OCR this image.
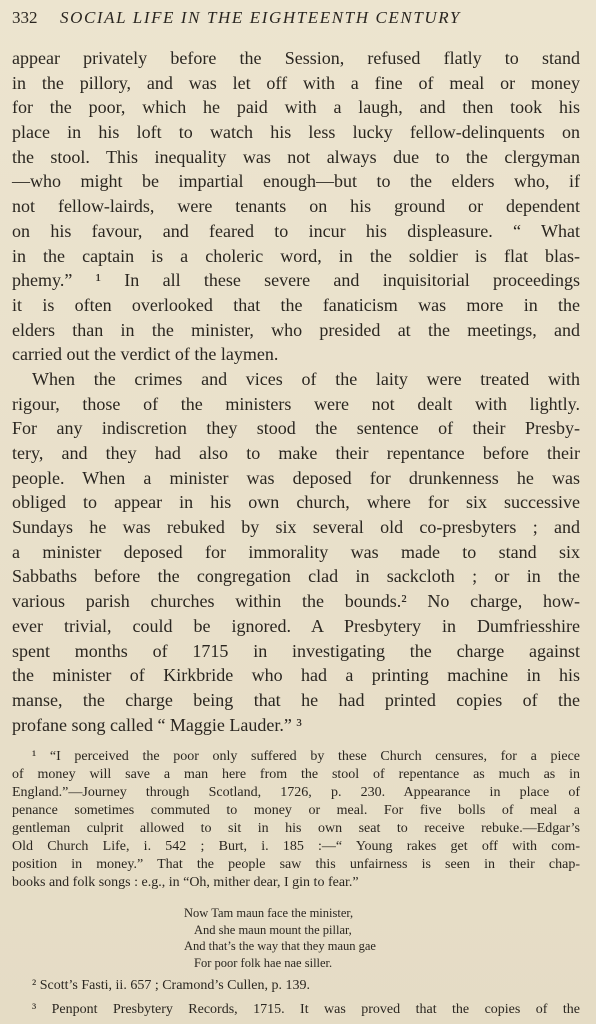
332 SOCIAL LIFE IN THE EIGHTEENTH CENTURY
appear privately before the Session, refused flatly to stand
in the pillory, and was let off with a fine of meal or money
for the poor, which he paid with a laugh, and then took his
place in his loft to watch his less lucky fellow-delinquents on
the stool. This inequality was not always due to the clergyman
—who might be impartial enough—but to the elders who, if
not fellow-lairds, were tenants on his ground or dependent
on his favour, and feared to incur his displeasure. “ What
in the captain is a choleric word, in the soldier is flat blas-
phemy.” ¹ In all these severe and inquisitorial proceedings
it is often overlooked that the fanaticism was more in the
elders than in the minister, who presided at the meetings, and
carried out the verdict of the laymen.
When the crimes and vices of the laity were treated with
rigour, those of the ministers were not dealt with lightly.
For any indiscretion they stood the sentence of their Presby-
tery, and they had also to make their repentance before their
people. When a minister was deposed for drunkenness he was
obliged to appear in his own church, where for six successive
Sundays he was rebuked by six several old co-presbyters ; and
a minister deposed for immorality was made to stand six
Sabbaths before the congregation clad in sackcloth ; or in the
various parish churches within the bounds.² No charge, how-
ever trivial, could be ignored. A Presbytery in Dumfriesshire
spent months of 1715 in investigating the charge against
the minister of Kirkbride who had a printing machine in his
manse, the charge being that he had printed copies of the
profane song called “ Maggie Lauder.” ³
¹ “I perceived the poor only suffered by these Church censures, for a piece
of money will save a man here from the stool of repentance as much as in
England.”—Journey through Scotland, 1726, p. 230. Appearance in place of
penance sometimes commuted to money or meal. For five bolls of meal a
gentleman culprit allowed to sit in his own seat to receive rebuke.—Edgar’s
Old Church Life, i. 542 ; Burt, i. 185 :—“ Young rakes get off with com-
position in money.” That the people saw this unfairness is seen in their chap-
books and folk songs : e.g., in “Oh, mither dear, I gin to fear.”
Now Tam maun face the minister,
And she maun mount the pillar,
And that’s the way that they maun gae
For poor folk hae nae siller.
² Scott’s Fasti, ii. 657 ; Cramond’s Cullen, p. 139.
³ Penpont Presbytery Records, 1715. It was proved that the copies of the
